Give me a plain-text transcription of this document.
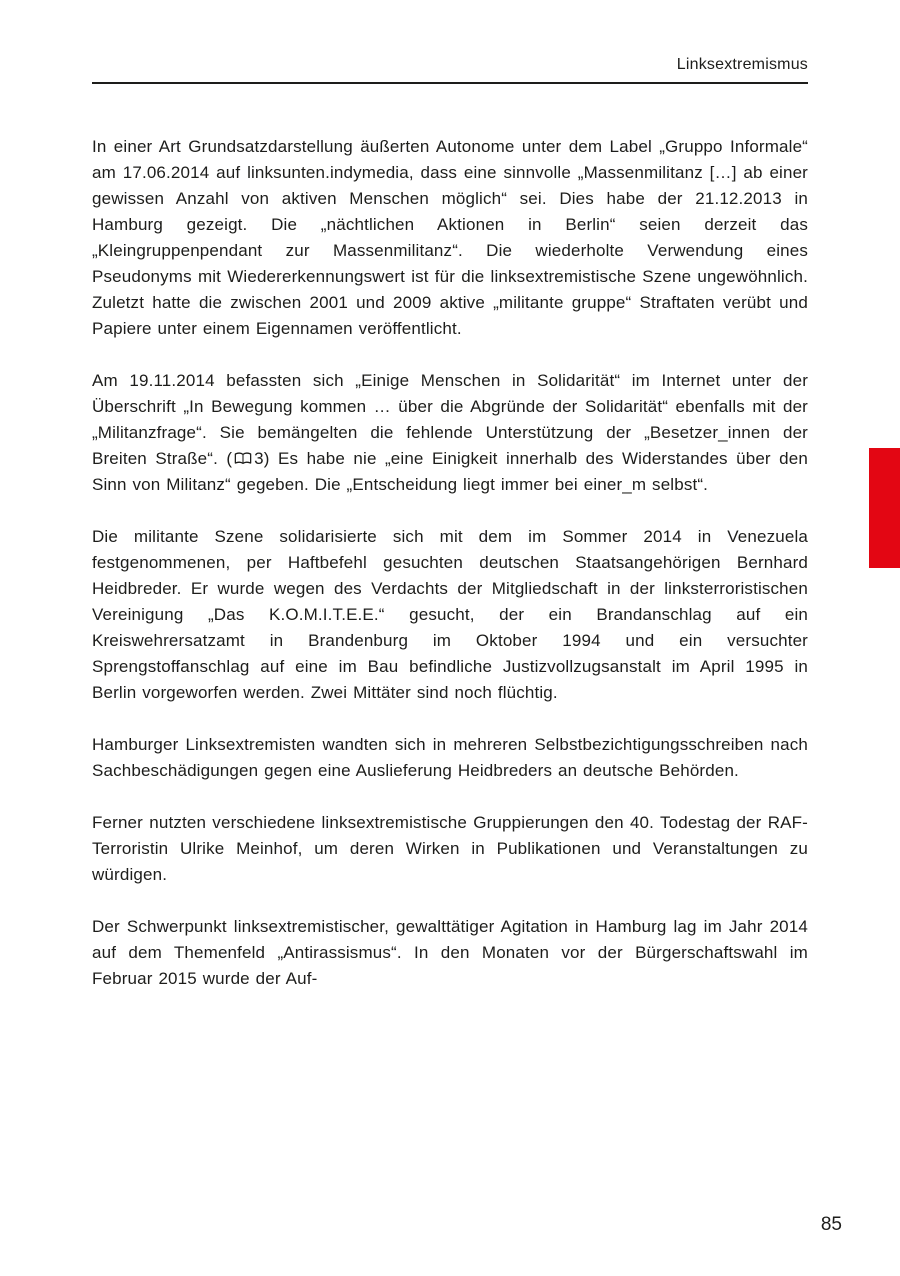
Linksextremismus

In einer Art Grundsatzdarstellung äußerten Autonome unter dem Label „Gruppo Informale“ am 17.06.2014 auf linksunten.indymedia, dass eine sinnvolle „Massenmilitanz […] ab einer gewissen Anzahl von aktiven Menschen möglich“ sei. Dies habe der 21.12.2013 in Hamburg gezeigt. Die „nächtlichen Aktionen in Berlin“ seien derzeit das „Kleingruppenpendant zur Massenmilitanz“. Die wiederholte Verwendung eines Pseudonyms mit Wiedererkennungswert ist für die linksextremistische Szene ungewöhnlich. Zuletzt hatte die zwischen 2001 und 2009 aktive „militante gruppe“ Straftaten verübt und Papiere unter einem Eigennamen veröffentlicht.

Am 19.11.2014 befassten sich „Einige Menschen in Solidarität“ im Internet unter der Überschrift „In Bewegung kommen … über die Abgründe der Solidarität“ ebenfalls mit der „Militanzfrage“. Sie bemängelten die fehlende Unterstützung der „Besetzer_innen der Breiten Straße“. ( 3) Es habe nie „eine Einigkeit innerhalb des Widerstandes über den Sinn von Militanz“ gegeben. Die „Entscheidung liegt immer bei einer_m selbst“.

Die militante Szene solidarisierte sich mit dem im Sommer 2014 in Venezuela festgenommenen, per Haftbefehl gesuchten deutschen Staatsangehörigen Bernhard Heidbreder. Er wurde wegen des Verdachts der Mitgliedschaft in der linksterroristischen Vereinigung „Das K.O.M.I.T.E.E.“ gesucht, der ein Brandanschlag auf ein Kreiswehrersatzamt in Brandenburg im Oktober 1994 und ein versuchter Sprengstoffanschlag auf eine im Bau befindliche Justizvollzugsanstalt im April 1995 in Berlin vorgeworfen werden. Zwei Mittäter sind noch flüchtig.

Hamburger Linksextremisten wandten sich in mehreren Selbstbezichtigungsschreiben nach Sachbeschädigungen gegen eine Auslieferung Heidbreders an deutsche Behörden.

Ferner nutzten verschiedene linksextremistische Gruppierungen den 40. Todestag der RAF-Terroristin Ulrike Meinhof, um deren Wirken in Publikationen und Veranstaltungen zu würdigen.

Der Schwerpunkt linksextremistischer, gewalttätiger Agitation in Hamburg lag im Jahr 2014 auf dem Themenfeld „Antirassismus“. In den Monaten vor der Bürgerschaftswahl im Februar 2015 wurde der Auf-

85
